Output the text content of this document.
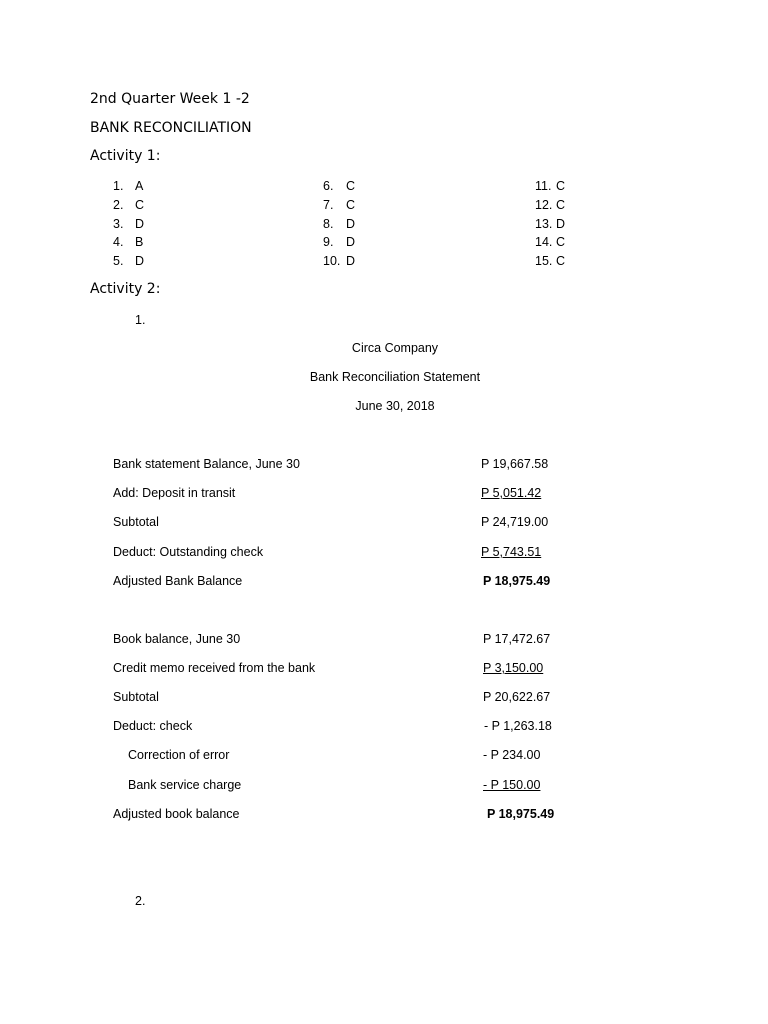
2nd Quarter Week 1 -2
BANK RECONCILIATION
Activity 1:
1. A
2. C
3. D
4. B
5. D
6. C
7. C
8. D
9. D
10. D
11. C
12. C
13. D
14. C
15. C
Activity 2:
1.
Circa Company
Bank Reconciliation Statement
June 30, 2018
Bank statement Balance, June 30	P 19,667.58
Add: Deposit in transit	P 5,051.42
Subtotal	P 24,719.00
Deduct: Outstanding check	P 5,743.51
Adjusted Bank Balance	P 18,975.49
Book balance, June 30	P 17,472.67
Credit memo received from the bank	P 3,150.00
Subtotal	P 20,622.67
Deduct: check	- P 1,263.18
Correction of error	- P 234.00
Bank service charge	- P 150.00
Adjusted book balance	P 18,975.49
2.
